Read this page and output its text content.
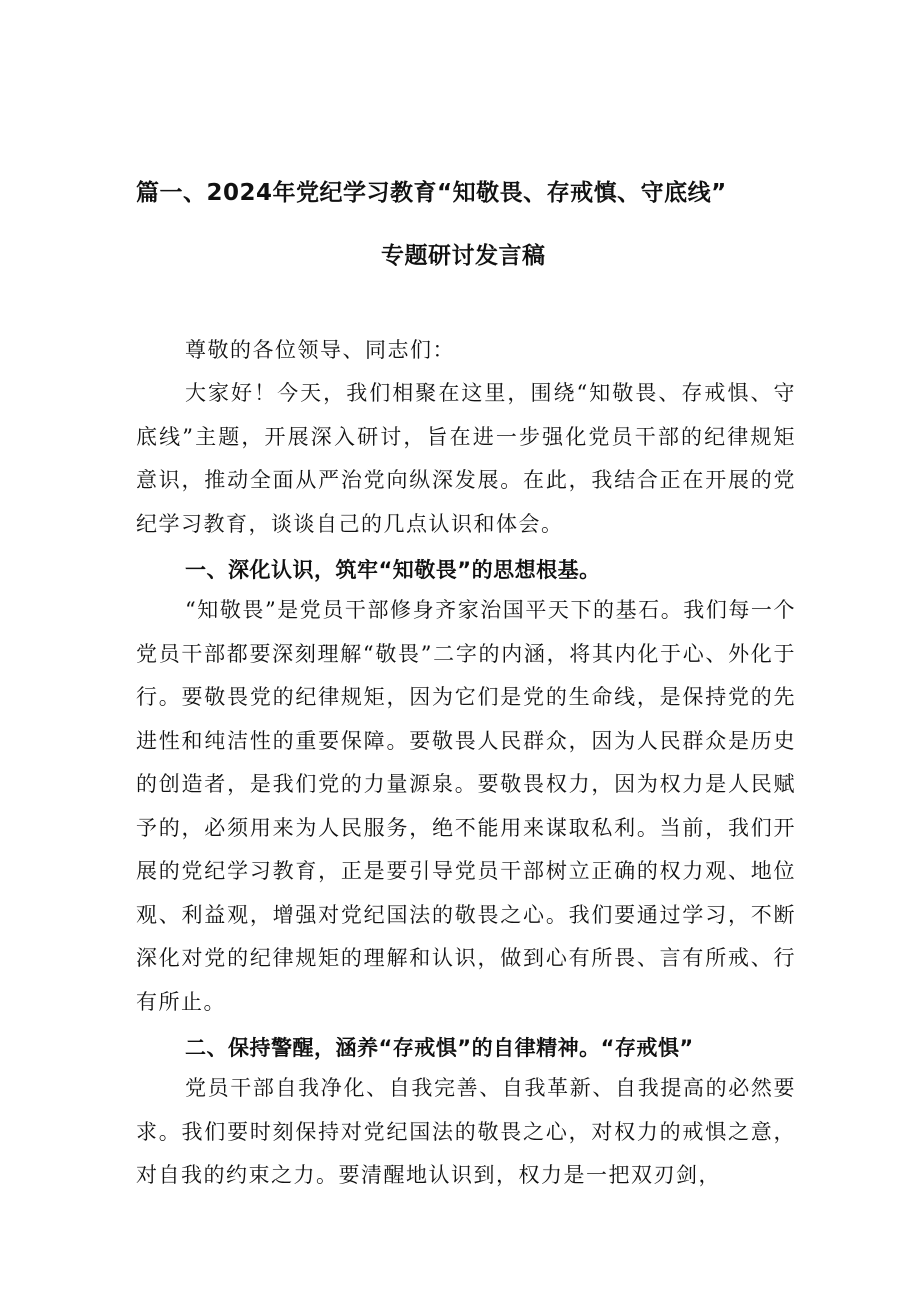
篇一、2024年党纪学习教育“知敬畏、存戒慎、守底线”
专题研讨发言稿
尊敬的各位领导、同志们：
大家好！今天，我们相聚在这里，围绕“知敬畏、存戒惧、守底线”主题，开展深入研讨，旨在进一步强化党员干部的纪律规矩意识，推动全面从严治党向纵深发展。在此，我结合正在开展的党纪学习教育，谈谈自己的几点认识和体会。
一、深化认识，筑牢“知敬畏”的思想根基。
“知敬畏”是党员干部修身齐家治国平天下的基石。我们每一个党员干部都要深刻理解“敬畏”二字的内涵，将其内化于心、外化于行。要敬畏党的纪律规矩，因为它们是党的生命线，是保持党的先进性和纯洁性的重要保障。要敬畏人民群众，因为人民群众是历史的创造者，是我们党的力量源泉。要敬畏权力，因为权力是人民赋予的，必须用来为人民服务，绝不能用来谋取私利。当前，我们开展的党纪学习教育，正是要引导党员干部树立正确的权力观、地位观、利益观，增强对党纪国法的敬畏之心。我们要通过学习，不断深化对党的纪律规矩的理解和认识，做到心有所畏、言有所戒、行有所止。
二、保持警醒，涵养“存戒惧”的自律精神。“存戒惧”
党员干部自我净化、自我完善、自我革新、自我提高的必然要求。我们要时刻保持对党纪国法的敬畏之心，对权力的戒惧之意，对自我的约束之力。要清醒地认识到，权力是一把双刃剑，
